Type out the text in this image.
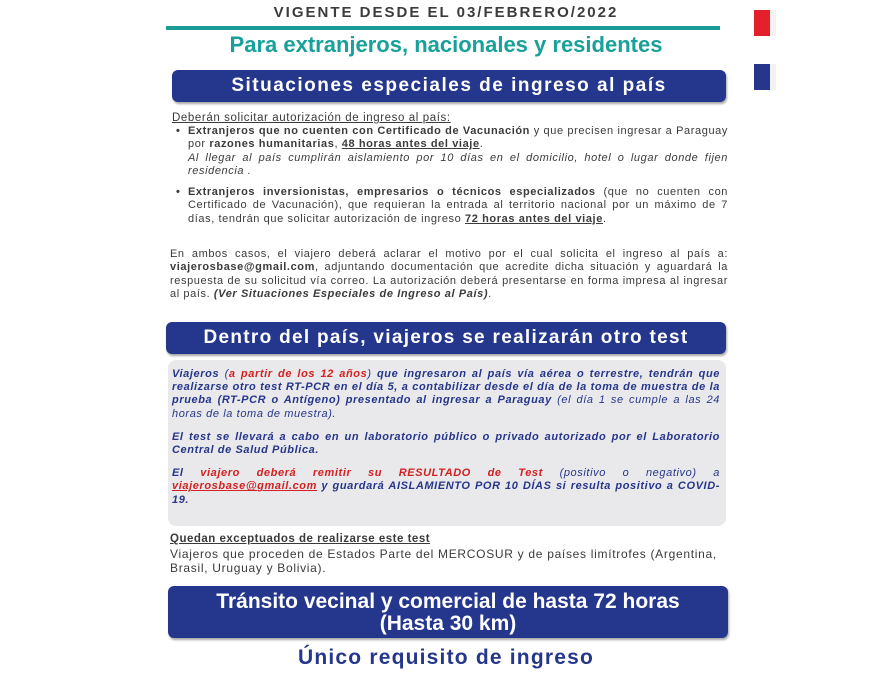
VIGENTE DESDE EL 03/FEBRERO/2022
Para extranjeros, nacionales y residentes
Situaciones especiales de ingreso al país
Deberán solicitar autorización de ingreso al país:
• Extranjeros que no cuenten con Certificado de Vacunación y que precisen ingresar a Paraguay por razones humanitarias, 48 horas antes del viaje.
Al llegar al país cumplirán aislamiento por 10 días en el domicilio, hotel o lugar donde fijen residencia .
• Extranjeros inversionistas, empresarios o técnicos especializados (que no cuenten con Certificado de Vacunación), que requieran la entrada al territorio nacional por un máximo de 7 días, tendrán que solicitar autorización de ingreso 72 horas antes del viaje.
En ambos casos, el viajero deberá aclarar el motivo por el cual solicita el ingreso al país a: viajerosbase@gmail.com, adjuntando documentación que acredite dicha situación y aguardará la respuesta de su solicitud vía correo. La autorización deberá presentarse en forma impresa al ingresar al país. (Ver Situaciones Especiales de Ingreso al País).
Dentro del país, viajeros se realizarán otro test

Viajeros (a partir de los 12 años) que ingresaron al país vía aérea o terrestre, tendrán que realizarse otro test RT-PCR en el día 5, a contabilizar desde el día de la toma de muestra de la prueba (RT-PCR o Antígeno) presentado al ingresar a Paraguay (el día 1 se cumple a las 24 horas de la toma de muestra).

El test se llevará a cabo en un laboratorio público o privado autorizado por el Laboratorio Central de Salud Pública.

El viajero deberá remitir su RESULTADO de Test (positivo o negativo) a viajerosbase@gmail.com y guardará AISLAMIENTO POR 10 DÍAS si resulta positivo a COVID-19.

Quedan exceptuados de realizarse este test
Viajeros que proceden de Estados Parte del MERCOSUR y de países limítrofes (Argentina, Brasil, Uruguay y Bolivia).
Tránsito vecinal y comercial de hasta 72 horas
(Hasta 30 km)
Único requisito de ingreso
